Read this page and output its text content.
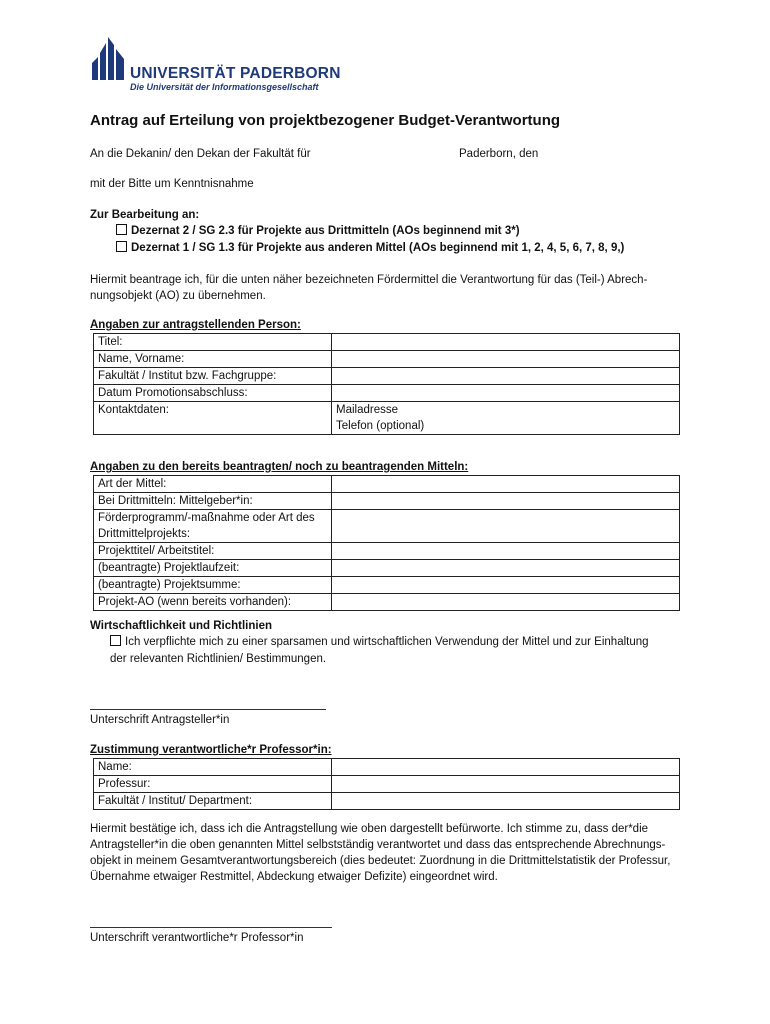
UNIVERSITÄT PADERBORN
Die Universität der Informationsgesellschaft
Antrag auf Erteilung von projektbezogener Budget-Verantwortung
An die Dekanin/ den Dekan der Fakultät für	Paderborn, den
mit der Bitte um Kenntnisnahme
Zur Bearbeitung an:
Dezernat 2 / SG 2.3 für Projekte aus Drittmitteln (AOs beginnend mit 3*)
Dezernat 1 / SG 1.3 für Projekte aus anderen Mittel (AOs beginnend mit 1, 2, 4, 5, 6, 7, 8, 9,)
Hiermit beantrage ich, für die unten näher bezeichneten Fördermittel die Verantwortung für das (Teil-) Abrech-
nungsobjekt (AO) zu übernehmen.
Angaben zur antragstellenden Person:
Titel:	
Name, Vorname:	
Fakultät / Institut bzw. Fachgruppe:	
Datum Promotionsabschluss:	
Kontaktdaten:	Mailadresse
Telefon (optional)
Angaben zu den bereits beantragten/ noch zu beantragenden Mitteln:
Art der Mittel:	
Bei Drittmitteln: Mittelgeber*in:	

Förderprogramm/-maßnahme oder Art des
Drittmittelprojekts:	

Projekttitel/ Arbeitstitel:	
(beantragte) Projektlaufzeit:	
(beantragte) Projektsumme:	
Projekt-AO (wenn bereits vorhanden):	
Wirtschaftlichkeit und Richtlinien
Ich verpflichte mich zu einer sparsamen und wirtschaftlichen Verwendung der Mittel und zur Einhaltung
der relevanten Richtlinien/ Bestimmungen.
Unterschrift Antragsteller*in
Zustimmung verantwortliche*r Professor*in:
Name:	
Professur:	
Fakultät / Institut/ Department:	
Hiermit bestätige ich, dass ich die Antragstellung wie oben dargestellt befürworte. Ich stimme zu, dass der*die
Antragsteller*in die oben genannten Mittel selbstständig verantwortet und dass das entsprechende Abrechnungs-
objekt in meinem Gesamtverantwortungsbereich (dies bedeutet: Zuordnung in die Drittmittelstatistik der Professur,
Übernahme etwaiger Restmittel, Abdeckung etwaiger Defizite) eingeordnet wird.
Unterschrift verantwortliche*r Professor*in
